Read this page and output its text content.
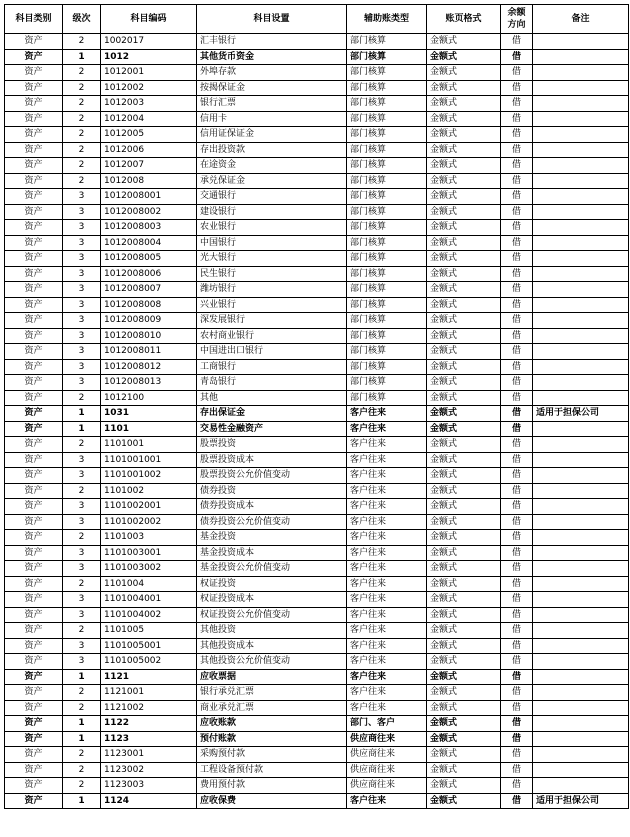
科目类别	级次	科目编码	科目设置	辅助账类型	账页格式	余额方向	备注
资产	2	1002017	汇丰银行	部门核算	金额式	借	
资产	1	1012	其他货币资金	部门核算	金额式	借	
资产	2	1012001	外埠存款	部门核算	金额式	借	
资产	2	1012002	按揭保证金	部门核算	金额式	借	
资产	2	1012003	银行汇票	部门核算	金额式	借	
资产	2	1012004	信用卡	部门核算	金额式	借	
资产	2	1012005	信用证保证金	部门核算	金额式	借	
资产	2	1012006	存出投资款	部门核算	金额式	借	
资产	2	1012007	在途资金	部门核算	金额式	借	
资产	2	1012008	承兑保证金	部门核算	金额式	借	
资产	3	1012008001	交通银行	部门核算	金额式	借	
资产	3	1012008002	建设银行	部门核算	金额式	借	
资产	3	1012008003	农业银行	部门核算	金额式	借	
资产	3	1012008004	中国银行	部门核算	金额式	借	
资产	3	1012008005	光大银行	部门核算	金额式	借	
资产	3	1012008006	民生银行	部门核算	金额式	借	
资产	3	1012008007	潍坊银行	部门核算	金额式	借	
资产	3	1012008008	兴业银行	部门核算	金额式	借	
资产	3	1012008009	深发展银行	部门核算	金额式	借	
资产	3	1012008010	农村商业银行	部门核算	金额式	借	
资产	3	1012008011	中国进出口银行	部门核算	金额式	借	
资产	3	1012008012	工商银行	部门核算	金额式	借	
资产	3	1012008013	青岛银行	部门核算	金额式	借	
资产	2	1012100	其他	部门核算	金额式	借	
资产	1	1031	存出保证金	客户往来	金额式	借	适用于担保公司
资产	1	1101	交易性金融资产	客户往来	金额式	借	
资产	2	1101001	股票投资	客户往来	金额式	借	
资产	3	1101001001	股票投资成本	客户往来	金额式	借	
资产	3	1101001002	股票投资公允价值变动	客户往来	金额式	借	
资产	2	1101002	债券投资	客户往来	金额式	借	
资产	3	1101002001	债券投资成本	客户往来	金额式	借	
资产	3	1101002002	债券投资公允价值变动	客户往来	金额式	借	
资产	2	1101003	基金投资	客户往来	金额式	借	
资产	3	1101003001	基金投资成本	客户往来	金额式	借	
资产	3	1101003002	基金投资公允价值变动	客户往来	金额式	借	
资产	2	1101004	权证投资	客户往来	金额式	借	
资产	3	1101004001	权证投资成本	客户往来	金额式	借	
资产	3	1101004002	权证投资公允价值变动	客户往来	金额式	借	
资产	2	1101005	其他投资	客户往来	金额式	借	
资产	3	1101005001	其他投资成本	客户往来	金额式	借	
资产	3	1101005002	其他投资公允价值变动	客户往来	金额式	借	
资产	1	1121	应收票据	客户往来	金额式	借	
资产	2	1121001	银行承兑汇票	客户往来	金额式	借	
资产	2	1121002	商业承兑汇票	客户往来	金额式	借	
资产	1	1122	应收账款	部门、客户	金额式	借	
资产	1	1123	预付账款	供应商往来	金额式	借	
资产	2	1123001	采购预付款	供应商往来	金额式	借	
资产	2	1123002	工程设备预付款	供应商往来	金额式	借	
资产	2	1123003	费用预付款	供应商往来	金额式	借	
资产	1	1124	应收保费	客户往来	金额式	借	适用于担保公司
